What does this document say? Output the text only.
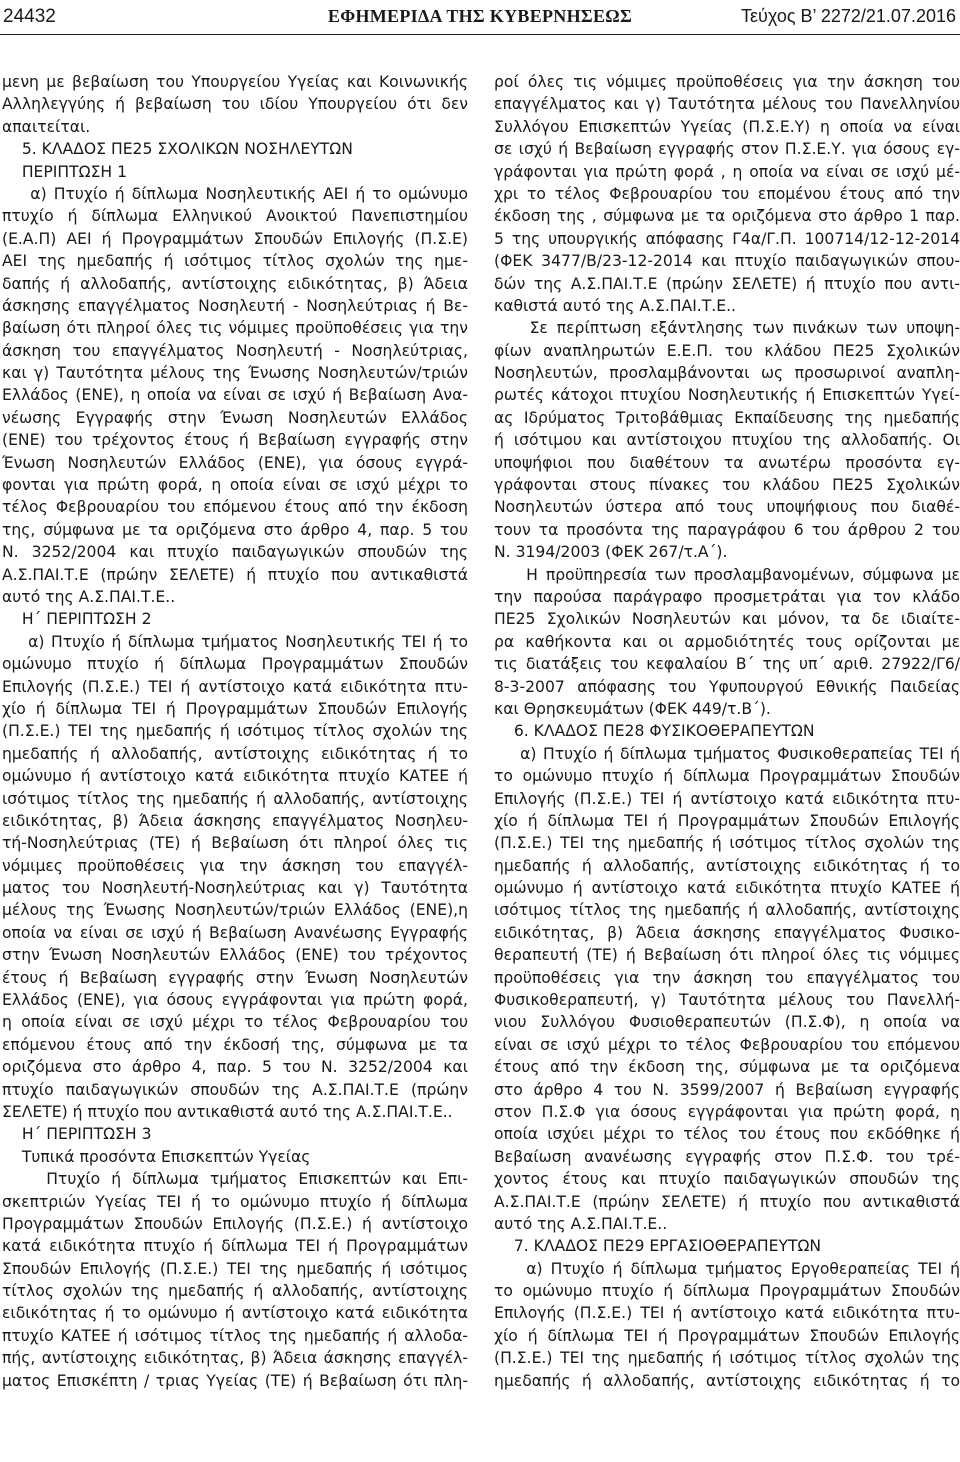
24432	ΕΦΗΜΕΡΙΔΑ ΤΗΣ ΚΥΒΕΡΝΗΣΕΩΣ	Τεύχος Β’ 2272/21.07.2016
μενη με βεβαίωση του Υπουργείου Υγείας και Κοινωνικής
Αλληλεγγύης ή βεβαίωση του ιδίου Υπουργείου ότι δεν
απαιτείται.
5. ΚΛΑΔΟΣ ΠΕ25 ΣΧΟΛΙΚΩΝ ΝΟΣΗΛΕΥΤΩΝ
ΠΕΡΙΠΤΩΣΗ 1
α) Πτυχίο ή δίπλωμα Νοσηλευτικής ΑΕΙ ή το ομώνυμο
πτυχίο ή δίπλωμα Ελληνικού Ανοικτού Πανεπιστημίου
(Ε.Α.Π) ΑΕΙ ή Προγραμμάτων Σπουδών Επιλογής (Π.Σ.Ε)
ΑΕΙ της ημεδαπής ή ισότιμος τίτλος σχολών της ημε-
δαπής ή αλλοδαπής, αντίστοιχης ειδικότητας, β) Άδεια
άσκησης επαγγέλματος Νοσηλευτή - Νοσηλεύτριας ή Βε-
βαίωση ότι πληροί όλες τις νόμιμες προϋποθέσεις για την
άσκηση του επαγγέλματος Νοσηλευτή - Νοσηλεύτριας,
και γ) Ταυτότητα μέλους της Ένωσης Νοσηλευτών/τριών
Ελλάδος (ΕΝΕ), η οποία να είναι σε ισχύ ή Βεβαίωση Ανα-
νέωσης Εγγραφής στην Ένωση Νοσηλευτών Ελλάδος
(ΕΝΕ) του τρέχοντος έτους ή Βεβαίωση εγγραφής στην
Ένωση Νοσηλευτών Ελλάδος (ΕΝΕ), για όσους εγγρά-
φονται για πρώτη φορά, η οποία είναι σε ισχύ μέχρι το
τέλος Φεβρουαρίου του επόμενου έτους από την έκδοση
της, σύμφωνα με τα οριζόμενα στο άρθρο 4, παρ. 5 του
Ν. 3252/2004 και πτυχίο παιδαγωγικών σπουδών της
Α.Σ.ΠΑΙ.Τ.Ε (πρώην ΣΕΛΕΤΕ) ή πτυχίο που αντικαθιστά
αυτό της Α.Σ.ΠΑΙ.Τ.Ε..
Η΄ ΠΕΡΙΠΤΩΣΗ 2
α) Πτυχίο ή δίπλωμα τμήματος Νοσηλευτικής ΤΕΙ ή το
ομώνυμο πτυχίο ή δίπλωμα Προγραμμάτων Σπουδών
Επιλογής (Π.Σ.Ε.) ΤΕΙ ή αντίστοιχο κατά ειδικότητα πτυ-
χίο ή δίπλωμα ΤΕΙ ή Προγραμμάτων Σπουδών Επιλογής
(Π.Σ.Ε.) ΤΕΙ της ημεδαπής ή ισότιμος τίτλος σχολών της
ημεδαπής ή αλλοδαπής, αντίστοιχης ειδικότητας ή το
ομώνυμο ή αντίστοιχο κατά ειδικότητα πτυχίο ΚΑΤΕΕ ή
ισότιμος τίτλος της ημεδαπής ή αλλοδαπής, αντίστοιχης
ειδικότητας, β) Άδεια άσκησης επαγγέλματος Νοσηλευ-
τή-Νοσηλεύτριας (ΤΕ) ή Βεβαίωση ότι πληροί όλες τις
νόμιμες προϋποθέσεις για την άσκηση του επαγγέλ-
ματος του Νοσηλευτή-Νοσηλεύτριας και γ) Ταυτότητα
μέλους της Ένωσης Νοσηλευτών/τριών Ελλάδος (ΕΝΕ),η
οποία να είναι σε ισχύ ή Βεβαίωση Ανανέωσης Εγγραφής
στην Ένωση Νοσηλευτών Ελλάδος (ΕΝΕ) του τρέχοντος
έτους ή Βεβαίωση εγγραφής στην Ένωση Νοσηλευτών
Ελλάδος (ΕΝΕ), για όσους εγγράφονται για πρώτη φορά,
η οποία είναι σε ισχύ μέχρι το τέλος Φεβρουαρίου του
επόμενου έτους από την έκδοσή της, σύμφωνα με τα
οριζόμενα στο άρθρο 4, παρ. 5 του Ν. 3252/2004 και
πτυχίο παιδαγωγικών σπουδών της Α.Σ.ΠΑΙ.Τ.Ε (πρώην
ΣΕΛΕΤΕ) ή πτυχίο που αντικαθιστά αυτό της Α.Σ.ΠΑΙ.Τ.Ε..
Η΄ ΠΕΡΙΠΤΩΣΗ 3
Τυπικά προσόντα Επισκεπτών Υγείας
Πτυχίο ή δίπλωμα τμήματος Επισκεπτών και Επι-
σκεπτριών Υγείας ΤΕΙ ή το ομώνυμο πτυχίο ή δίπλωμα
Προγραμμάτων Σπουδών Επιλογής (Π.Σ.Ε.) ή αντίστοιχο
κατά ειδικότητα πτυχίο ή δίπλωμα ΤΕΙ ή Προγραμμάτων
Σπουδών Επιλογής (Π.Σ.Ε.) ΤΕΙ της ημεδαπής ή ισότιμος
τίτλος σχολών της ημεδαπής ή αλλοδαπής, αντίστοιχης
ειδικότητας ή το ομώνυμο ή αντίστοιχο κατά ειδικότητα
πτυχίο ΚΑΤΕΕ ή ισότιμος τίτλος της ημεδαπής ή αλλοδα-
πής, αντίστοιχης ειδικότητας, β) Άδεια άσκησης επαγγέλ-
ματος Επισκέπτη / τριας Υγείας (ΤΕ) ή Βεβαίωση ότι πλη-
ροί όλες τις νόμιμες προϋποθέσεις για την άσκηση του
επαγγέλματος και γ) Ταυτότητα μέλους του Πανελληνίου
Συλλόγου Επισκεπτών Υγείας (Π.Σ.Ε.Υ) η οποία να είναι
σε ισχύ ή Βεβαίωση εγγραφής στον Π.Σ.Ε.Υ. για όσους εγ-
γράφονται για πρώτη φορά , η οποία να είναι σε ισχύ μέ-
χρι το τέλος Φεβρουαρίου του επομένου έτους από την
έκδοση της , σύμφωνα με τα οριζόμενα στο άρθρο 1 παρ.
5 της υπουργικής απόφασης Γ4α/Γ.Π. 100714/12-12-2014
(ΦΕΚ 3477/Β/23-12-2014 και πτυχίο παιδαγωγικών σπου-
δών της Α.Σ.ΠΑΙ.Τ.Ε (πρώην ΣΕΛΕΤΕ) ή πτυχίο που αντι-
καθιστά αυτό της Α.Σ.ΠΑΙ.Τ.Ε..
Σε περίπτωση εξάντλησης των πινάκων των υποψη-
φίων αναπληρωτών Ε.Ε.Π. του κλάδου ΠΕ25 Σχολικών
Νοσηλευτών, προσλαμβάνονται ως προσωρινοί αναπλη-
ρωτές κάτοχοι πτυχίου Νοσηλευτικής ή Επισκεπτών Υγεί-
ας Ιδρύματος Τριτοβάθμιας Εκπαίδευσης της ημεδαπής
ή ισότιμου και αντίστοιχου πτυχίου της αλλοδαπής. Οι
υποψήφιοι που διαθέτουν τα ανωτέρω προσόντα εγ-
γράφονται στους πίνακες του κλάδου ΠΕ25 Σχολικών
Νοσηλευτών ύστερα από τους υποψήφιους που διαθέ-
τουν τα προσόντα της παραγράφου 6 του άρθρου 2 του
Ν. 3194/2003 (ΦΕΚ 267/τ.Α΄).
Η προϋπηρεσία των προσλαμβανομένων, σύμφωνα με
την παρούσα παράγραφο προσμετράται για τον κλάδο
ΠΕ25 Σχολικών Νοσηλευτών και μόνον, τα δε ιδιαίτε-
ρα καθήκοντα και οι αρμοδιότητές τους ορίζονται με
τις διατάξεις του κεφαλαίου Β΄ της υπ΄ αριθ. 27922/Γ6/
8-3-2007 απόφασης του Υφυπουργού Εθνικής Παιδείας
και Θρησκευμάτων (ΦΕΚ 449/τ.Β΄).
6. ΚΛΑΔΟΣ ΠΕ28 ΦΥΣΙΚΟΘΕΡΑΠΕΥΤΩΝ
α) Πτυχίο ή δίπλωμα τμήματος Φυσικοθεραπείας ΤΕΙ ή
το ομώνυμο πτυχίο ή δίπλωμα Προγραμμάτων Σπουδών
Επιλογής (Π.Σ.Ε.) ΤΕΙ ή αντίστοιχο κατά ειδικότητα πτυ-
χίο ή δίπλωμα ΤΕΙ ή Προγραμμάτων Σπουδών Επιλογής
(Π.Σ.Ε.) ΤΕΙ της ημεδαπής ή ισότιμος τίτλος σχολών της
ημεδαπής ή αλλοδαπής, αντίστοιχης ειδικότητας ή το
ομώνυμο ή αντίστοιχο κατά ειδικότητα πτυχίο ΚΑΤΕΕ ή
ισότιμος τίτλος της ημεδαπής ή αλλοδαπής, αντίστοιχης
ειδικότητας, β) Άδεια άσκησης επαγγέλματος Φυσικο-
θεραπευτή (ΤΕ) ή Βεβαίωση ότι πληροί όλες τις νόμιμες
προϋποθέσεις για την άσκηση του επαγγέλματος του
Φυσικοθεραπευτή, γ) Ταυτότητα μέλους του Πανελλή-
νιου Συλλόγου Φυσιοθεραπευτών (Π.Σ.Φ), η οποία να
είναι σε ισχύ μέχρι το τέλος Φεβρουαρίου του επόμενου
έτους από την έκδοση της, σύμφωνα με τα οριζόμενα
στο άρθρο 4 του Ν. 3599/2007 ή Βεβαίωση εγγραφής
στον Π.Σ.Φ για όσους εγγράφονται για πρώτη φορά, η
οποία ισχύει μέχρι το τέλος του έτους που εκδόθηκε ή
Βεβαίωση ανανέωσης εγγραφής στον Π.Σ.Φ. του τρέ-
χοντος έτους και πτυχίο παιδαγωγικών σπουδών της
Α.Σ.ΠΑΙ.Τ.Ε (πρώην ΣΕΛΕΤΕ) ή πτυχίο που αντικαθιστά
αυτό της Α.Σ.ΠΑΙ.Τ.Ε..
7. ΚΛΑΔΟΣ ΠΕ29 ΕΡΓΑΣΙΟΘΕΡΑΠΕΥΤΩΝ
α) Πτυχίο ή δίπλωμα τμήματος Εργοθεραπείας ΤΕΙ ή
το ομώνυμο πτυχίο ή δίπλωμα Προγραμμάτων Σπουδών
Επιλογής (Π.Σ.Ε.) ΤΕΙ ή αντίστοιχο κατά ειδικότητα πτυ-
χίο ή δίπλωμα ΤΕΙ ή Προγραμμάτων Σπουδών Επιλογής
(Π.Σ.Ε.) ΤΕΙ της ημεδαπής ή ισότιμος τίτλος σχολών της
ημεδαπής ή αλλοδαπής, αντίστοιχης ειδικότητας ή το
